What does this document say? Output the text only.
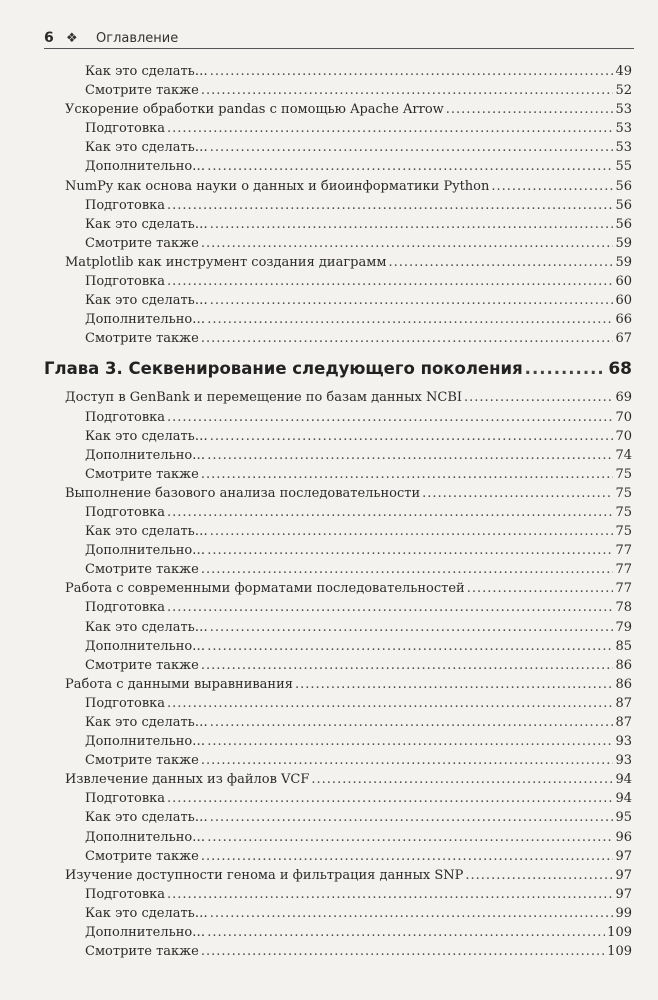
6 ❖	Оглавление
Как это сделать… .....	49
Смотрите также .....	52
Ускорение обработки pandas с помощью Apache Arrow .....	53
Подготовка .....	53
Как это сделать… .....	53
Дополнительно… .....	55
NumPy как основа науки о данных и биоинформатики Python .....	56
Подготовка .....	56
Как это сделать… .....	56
Смотрите также .....	59
Matplotlib как инструмент создания диаграмм .....	59
Подготовка .....	60
Как это сделать… .....	60
Дополнительно… .....	66
Смотрите также .....	67
Глава 3. Секвенирование следующего поколения .....	68
Доступ в GenBank и перемещение по базам данных NCBI .....	69
Подготовка .....	70
Как это сделать… .....	70
Дополнительно… .....	74
Смотрите также .....	75
Выполнение базового анализа последовательности .....	75
Подготовка .....	75
Как это сделать… .....	75
Дополнительно… .....	77
Смотрите также .....	77
Работа с современными форматами последовательностей .....	77
Подготовка .....	78
Как это сделать… .....	79
Дополнительно… .....	85
Смотрите также .....	86
Работа с данными выравнивания .....	86
Подготовка .....	87
Как это сделать… .....	87
Дополнительно… .....	93
Смотрите также .....	93
Извлечение данных из файлов VCF .....	94
Подготовка .....	94
Как это сделать… .....	95
Дополнительно… .....	96
Смотрите также .....	97
Изучение доступности генома и фильтрация данных SNP .....	97
Подготовка .....	97
Как это сделать… .....	99
Дополнительно… .....	109
Смотрите также .....	109
